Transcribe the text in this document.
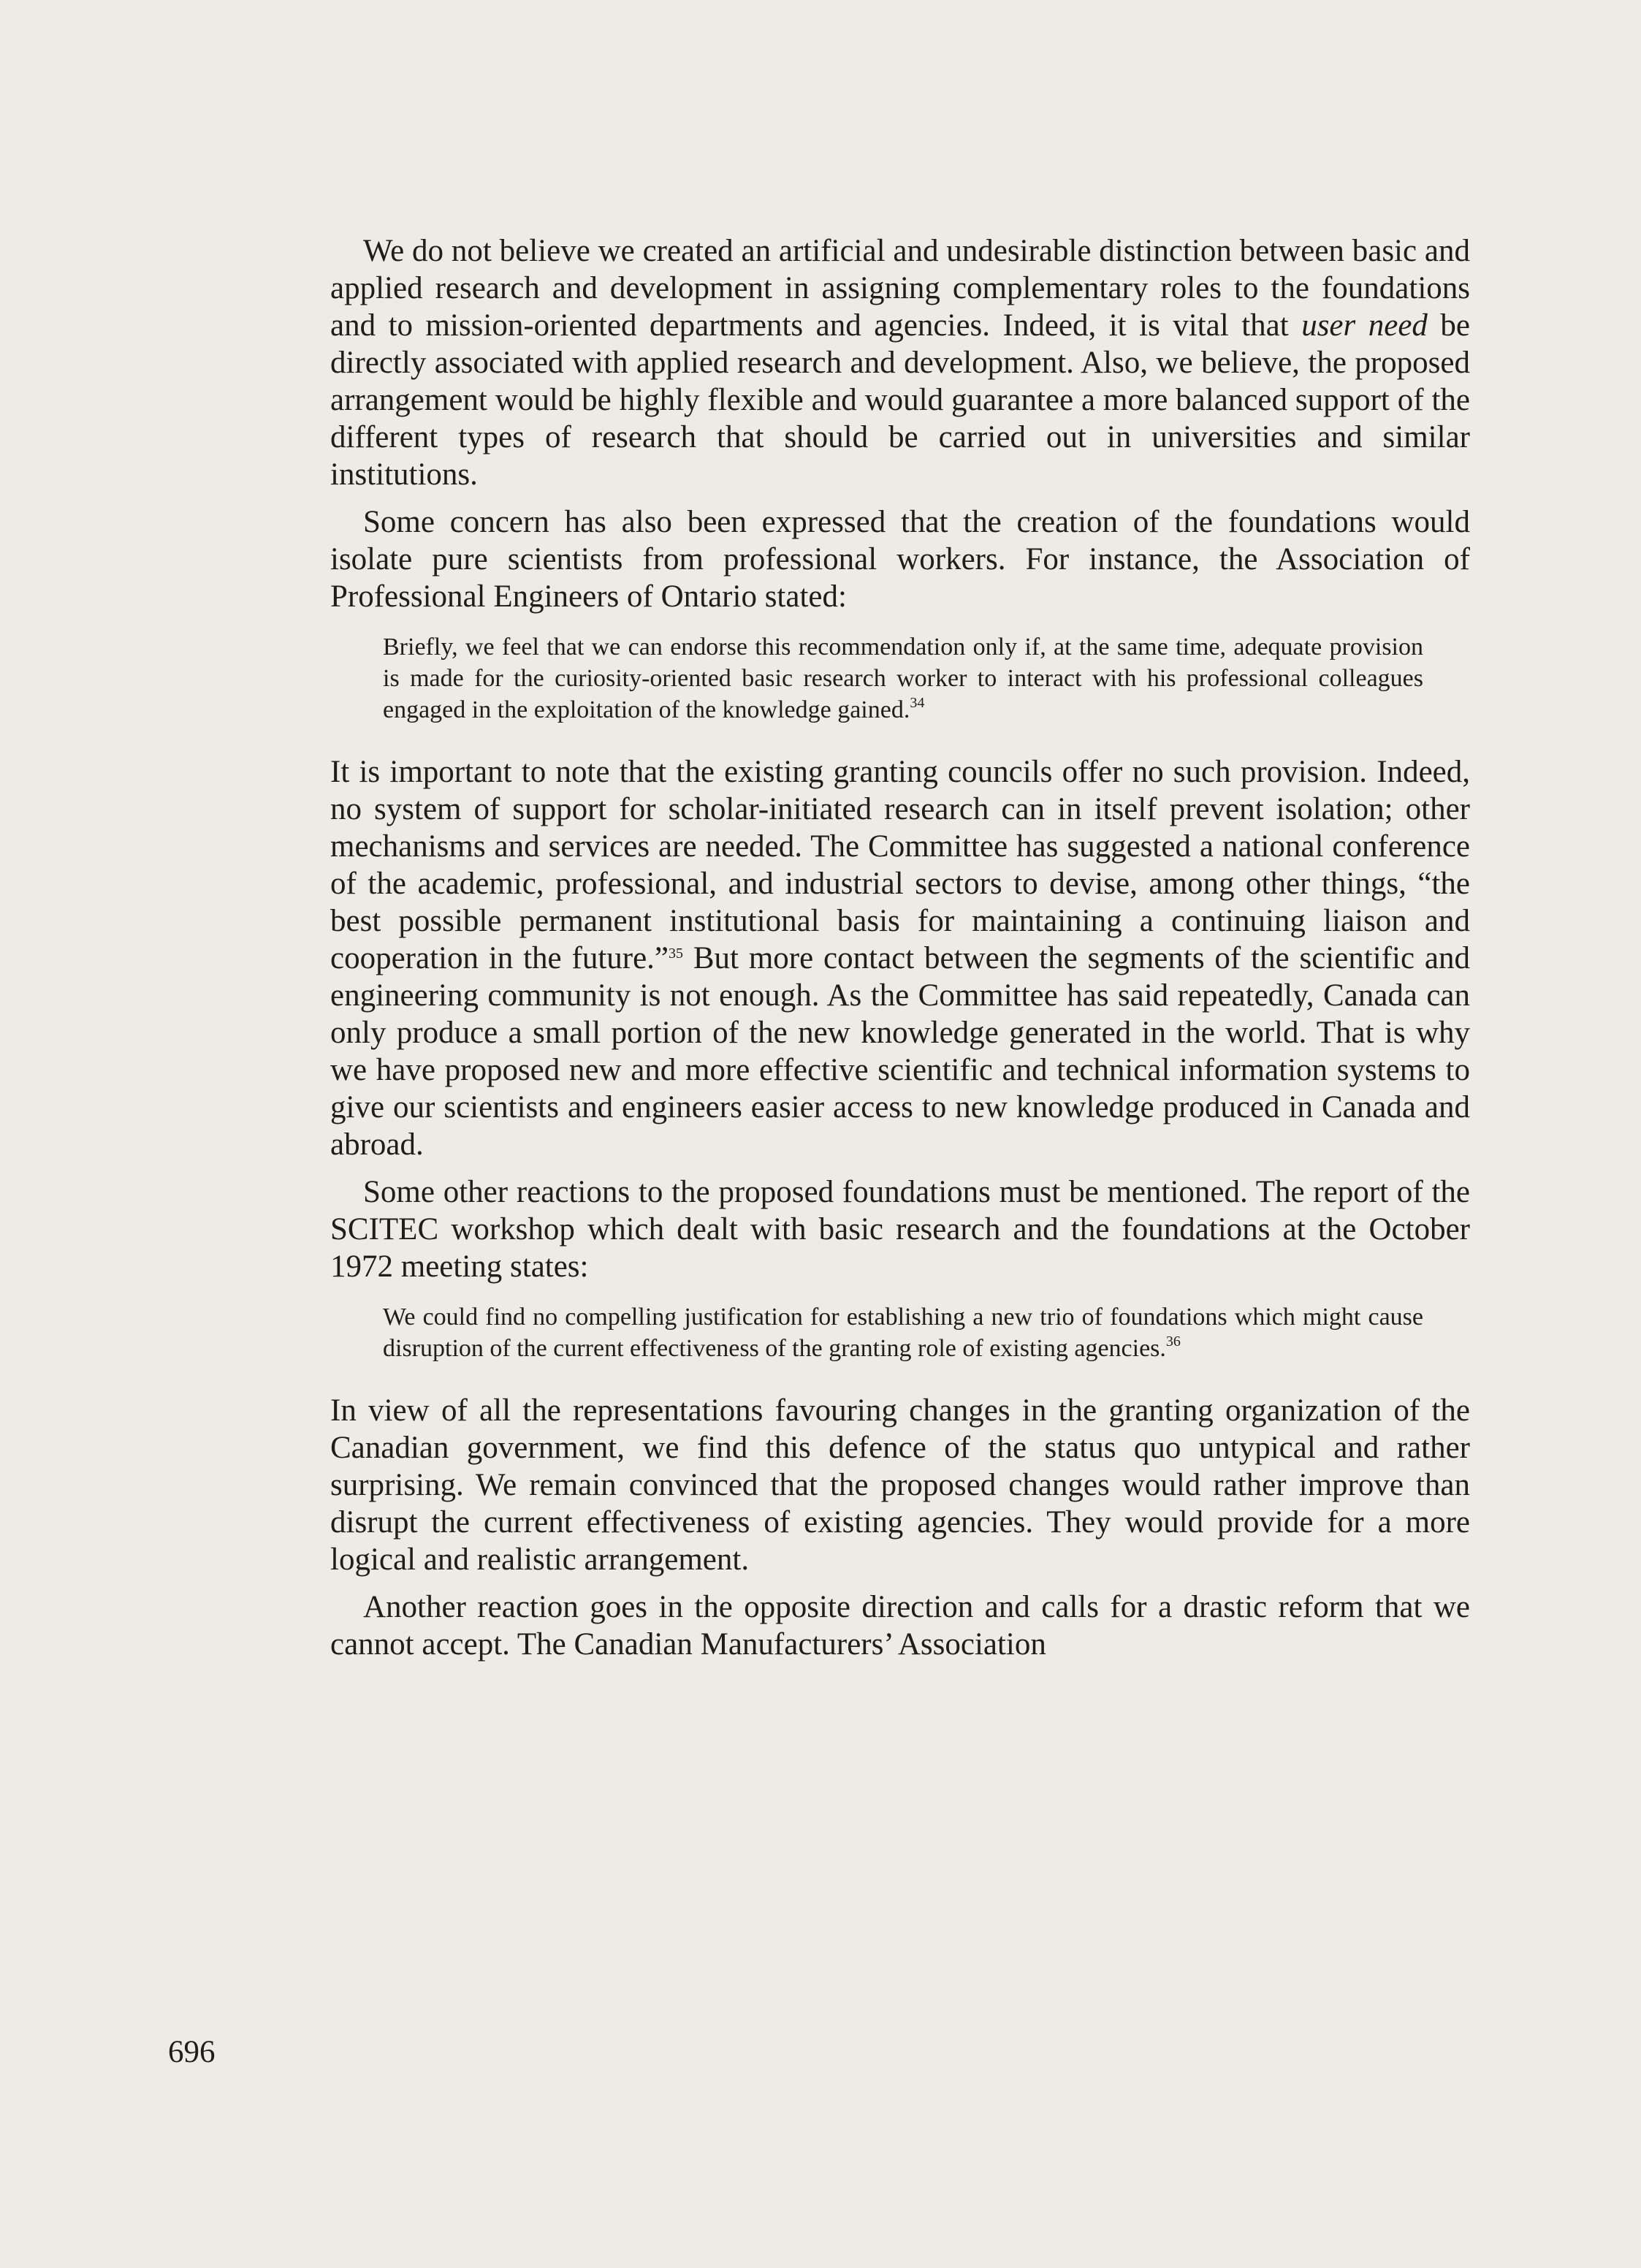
We do not believe we created an artificial and undesirable distinction between basic and applied research and development in assigning complementary roles to the foundations and to mission-oriented departments and agencies. Indeed, it is vital that user need be directly associated with applied research and development. Also, we believe, the proposed arrangement would be highly flexible and would guarantee a more balanced support of the different types of research that should be carried out in universities and similar institutions.

Some concern has also been expressed that the creation of the foundations would isolate pure scientists from professional workers. For instance, the Association of Professional Engineers of Ontario stated:

Briefly, we feel that we can endorse this recommendation only if, at the same time, adequate provision is made for the curiosity-oriented basic research worker to interact with his professional colleagues engaged in the exploitation of the knowledge gained.$^{34}$

It is important to note that the existing granting councils offer no such provision. Indeed, no system of support for scholar-initiated research can in itself prevent isolation; other mechanisms and services are needed. The Committee has suggested a national conference of the academic, professional, and industrial sectors to devise, among other things, “the best possible permanent institutional basis for maintaining a continuing liaison and cooperation in the future.”$^{35}$ But more contact between the segments of the scientific and engineering community is not enough. As the Committee has said repeatedly, Canada can only produce a small portion of the new knowledge generated in the world. That is why we have proposed new and more effective scientific and technical information systems to give our scientists and engineers easier access to new knowledge produced in Canada and abroad.

Some other reactions to the proposed foundations must be mentioned. The report of the SCITEC workshop which dealt with basic research and the foundations at the October 1972 meeting states:

We could find no compelling justification for establishing a new trio of foundations which might cause disruption of the current effectiveness of the granting role of existing agencies.$^{36}$

In view of all the representations favouring changes in the granting organization of the Canadian government, we find this defence of the status quo untypical and rather surprising. We remain convinced that the proposed changes would rather improve than disrupt the current effectiveness of existing agencies. They would provide for a more logical and realistic arrangement.

Another reaction goes in the opposite direction and calls for a drastic reform that we cannot accept. The Canadian Manufacturers’ Association

696
